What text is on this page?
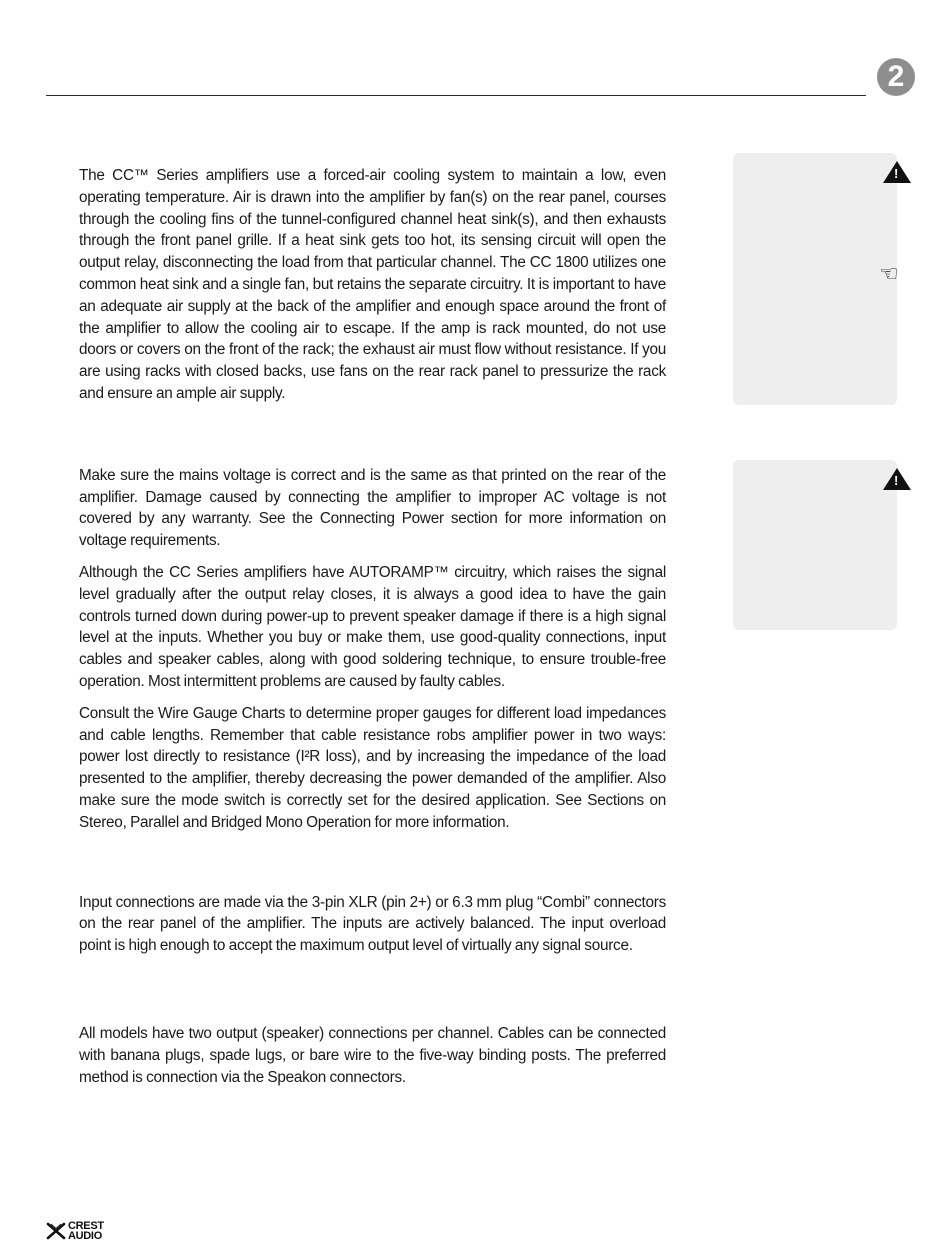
2
!
☜
!

The CC™ Series amplifiers use a forced-air cooling system to maintain a low, even operating temperature. Air is drawn into the amplifier by fan(s) on the rear panel, courses through the cooling fins of the tunnel-configured channel heat sink(s), and then exhausts through the front panel grille. If a heat sink gets too hot, its sensing circuit will open the output relay, disconnecting the load from that particular channel. The CC 1800 utilizes one common heat sink and a single fan, but retains the separate circuitry. It is important to have an adequate air supply at the back of the amplifier and enough space around the front of the amplifier to allow the cooling air to escape. If the amp is rack mounted, do not use doors or covers on the front of the rack; the exhaust air must flow without resistance. If you are using racks with closed backs, use fans on the rear rack panel to pressurize the rack and ensure an ample air supply.

Make sure the mains voltage is correct and is the same as that printed on the rear of the amplifier. Damage caused by connecting the amplifier to improper AC voltage is not covered by any warranty. See the Connecting Power section for more information on voltage requirements.

Although the CC Series amplifiers have AUTORAMP™ circuitry, which raises the signal level gradually after the output relay closes, it is always a good idea to have the gain controls turned down during power-up to prevent speaker damage if there is a high signal level at the inputs. Whether you buy or make them, use good-quality connections, input cables and speaker cables, along with good soldering technique, to ensure trouble-free operation. Most intermittent problems are caused by faulty cables.

Consult the Wire Gauge Charts to determine proper gauges for different load impedances and cable lengths. Remember that cable resistance robs amplifier power in two ways: power lost directly to resistance (I²R loss), and by increasing the impedance of the load presented to the amplifier, thereby decreasing the power demanded of the amplifier. Also make sure the mode switch is correctly set for the desired application. See Sections on Stereo, Parallel and Bridged Mono Operation for more information.

Input connections are made via the 3-pin XLR (pin 2+) or 6.3 mm plug “Combi” connectors on the rear panel of the amplifier. The inputs are actively balanced. The input overload point is high enough to accept the maximum output level of virtually any signal source.

All models have two output (speaker) connections per channel. Cables can be connected with banana plugs, spade lugs, or bare wire to the five-way binding posts. The preferred method is connection via the Speakon connectors.

CREST
AUDIO
